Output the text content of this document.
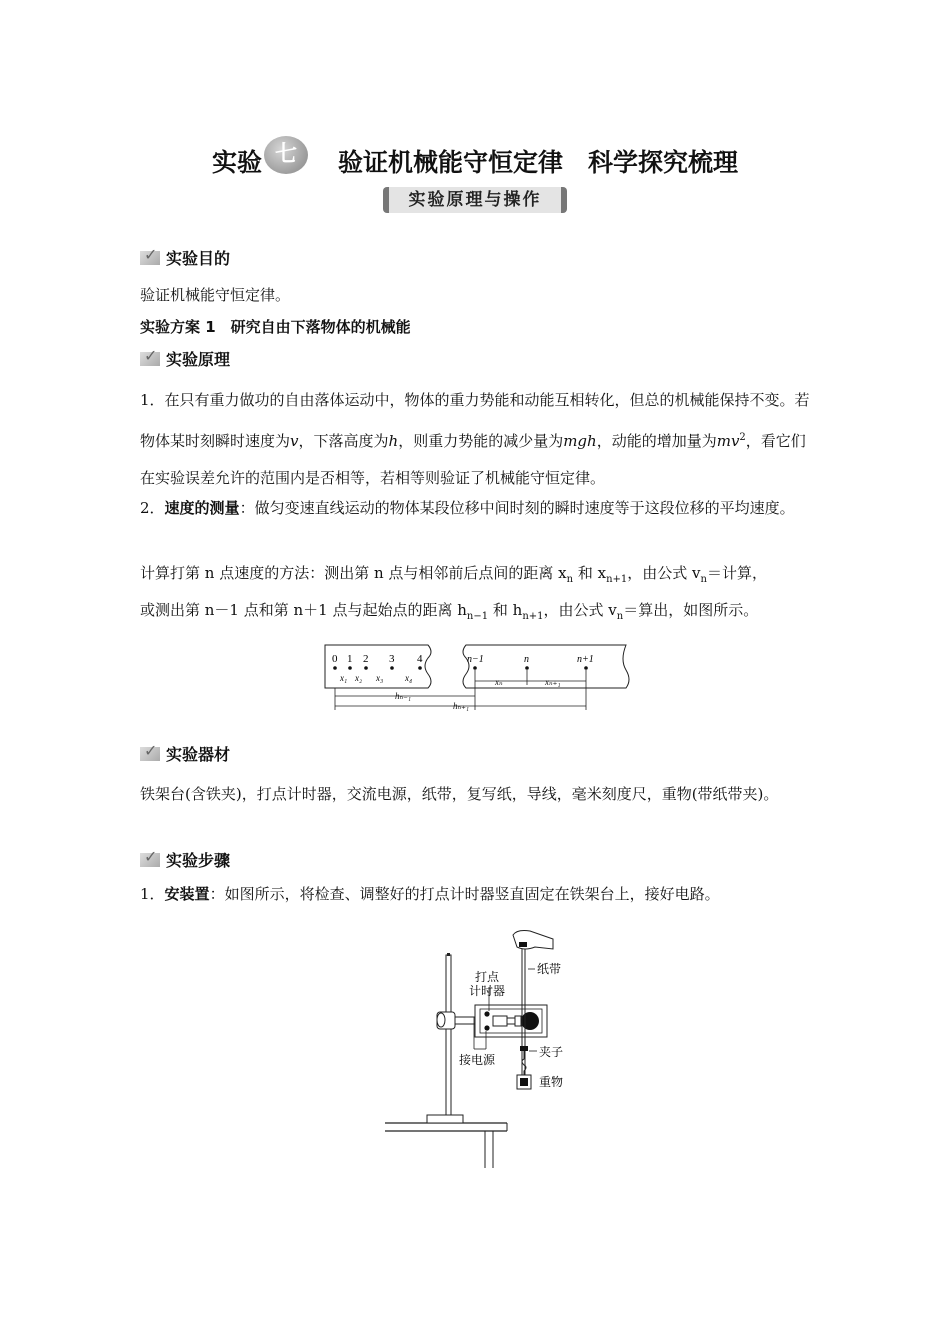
实验 七 验证机械能守恒定律　科学探究梳理
实验原理与操作
✓实验目的
验证机械能守恒定律。
实验方案 1　研究自由下落物体的机械能
✓实验原理
1．在只有重力做功的自由落体运动中，物体的重力势能和动能互相转化，但总的机械能保持不变。若物体某时刻瞬时速度为v，下落高度为h，则重力势能的减少量为mgh，动能的增加量为$mv^2$，看它们在实验误差允许的范围内是否相等，若相等则验证了机械能守恒定律。
2．速度的测量：做匀变速直线运动的物体某段位移中间时刻的瞬时速度等于这段位移的平均速度。
计算打第 n 点速度的方法：测出第 n 点与相邻前后点间的距离 $x_n$ 和 $x_{n+1}$，由公式 $v_n=$计算，
或测出第 n－1 点和第 n＋1 点与起始点的距离 $h_{n-1}$ 和 $h_{n+1}$，由公式 $v_n=$算出，如图所示。
0 1 2 3 4
x₁ x₂ x₃ x₄
n−1	n	n+1
xₙ	xₙ₊₁
hₙ₋₁
hₙ₊₁
✓实验器材
铁架台(含铁夹)，打点计时器，交流电源，纸带，复写纸，导线，毫米刻度尺，重物(带纸带夹)。
✓实验步骤
1．安装置：如图所示，将检查、调整好的打点计时器竖直固定在铁架台上，接好电路。
打点
计时器
纸带
夹子
接电源
重物
